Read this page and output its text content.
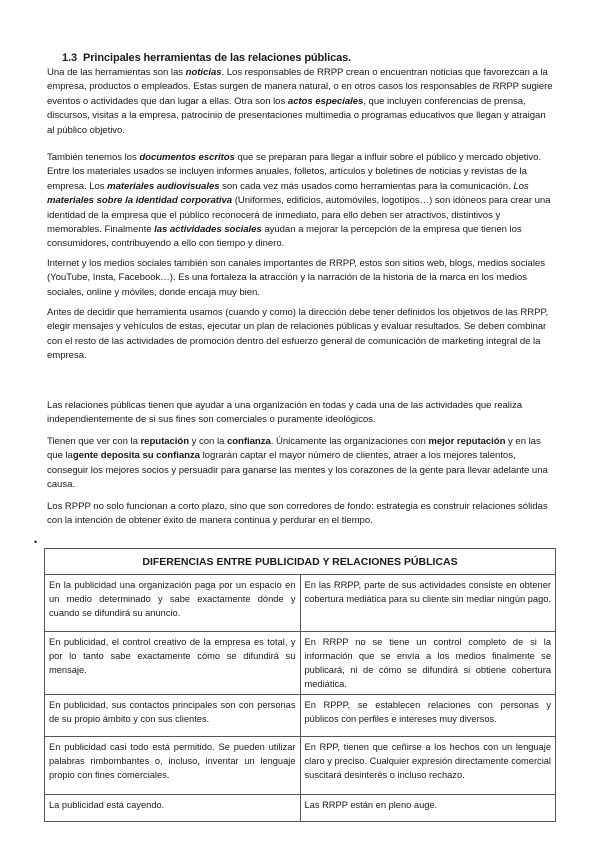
1.3 Principales herramientas de las relaciones públicas.

Una de las herramientas son las noticias. Los responsables de RRPP crean o encuentran noticias que favorezcan a la empresa, productos o empleados. Estas surgen de manera natural, o en otros casos los responsables de RRPP sugiere eventos o actividades que dan lugar a ellas. Otra son los actos especiales, que incluyen conferencias de prensa, discursos, visitas a la empresa, patrocinio de presentaciones multimedia o programas educativos que llegan y atraigan al público objetivo.

También tenemos los documentos escritos que se preparan para llegar a influir sobre el público y mercado objetivo. Entre los materiales usados se incluyen informes anuales, folletos, artículos y boletines de noticias y revistas de la empresa. Los materiales audiovisuales son cada vez más usados como herramientas para la comunicación. Los materiales sobre la identidad corporativa (Uniformes, edificios, automóviles, logotipos…) son idóneos para crear una identidad de la empresa que el público reconocerá de inmediato, para ello deben ser atractivos, distintivos y memorables. Finalmente las actividades sociales ayudan a mejorar la percepción de la empresa que tienen los consumidores, contribuyendo a ello con tiempo y dinero.

Internet y los medios sociales también son canales importantes de RRPP, estos son sitios web, blogs, medios sociales (YouTube, Insta, Facebook…). Es una fortaleza la atracción y la narración de la historia de la marca en los medios sociales, online y móviles, donde encaja muy bien.

Antes de decidir que herramienta usamos (cuando y como) la dirección debe tener definidos los objetivos de las RRPP, elegir mensajes y vehículos de estas, ejecutar un plan de relaciones públicas y evaluar resultados. Se deben combinar con el resto de las actividades de promoción dentro del esfuerzo general de comunicación de marketing integral de la empresa.

Las relaciones públicas tienen que ayudar a una organización en todas y cada una de las actividades que realiza independientemente de si sus fines son comerciales o puramente ideológicos.

Tienen que ver con la reputación y con la confianza. Únicamente las organizaciones con mejor reputación y en las que lagente deposita su confianza lograrán captar el mayor número de clientes, atraer a los mejores talentos, conseguir los mejores socios y persuadir para ganarse las mentes y los corazones de la gente para llevar adelante una causa.

Los RPPP no solo funcionan a corto plazo, sino que son corredores de fondo: estrategia es construir relaciones sólidas con la intención de obtener éxito de manera continua y perdurar en el tiempo.

•
DIFERENCIAS ENTRE PUBLICIDAD Y RELACIONES PÚBLICAS	
En la publicidad una organización paga por un espacio en un medio determinado y sabe exactamente dónde y cuando se difundirá su anuncio.	En las RRPP, parte de sus actividades consiste en obtener cobertura mediática para su cliente sin mediar ningún pago.
En publicidad, el control creativo de la empresa es total, y por lo tanto sabe exactamente cómo se difundirá su mensaje.	En RRPP no se tiene un control completo de si la información que se envía a los medios finalmente se publicará, ni de cómo se difundirá si obtiene cobertura mediática.
En publicidad, sus contactos principales son con personas de su propio ámbito y con sus clientes.	En RPPP, se establecen relaciones con personas y públicos con perfiles e intereses muy diversos.
En publicidad casi todo está permitido. Se pueden utilizar palabras rimbombantes o, incluso, inventar un lenguaje propio con fines comerciales.	En RPP, tienen que ceñirse a los hechos con un lenguaje claro y preciso. Cualquier expresión directamente comercial suscitará desinterés o incluso rechazo.
La publicidad está cayendo.	Las RRPP están en pleno auge.
